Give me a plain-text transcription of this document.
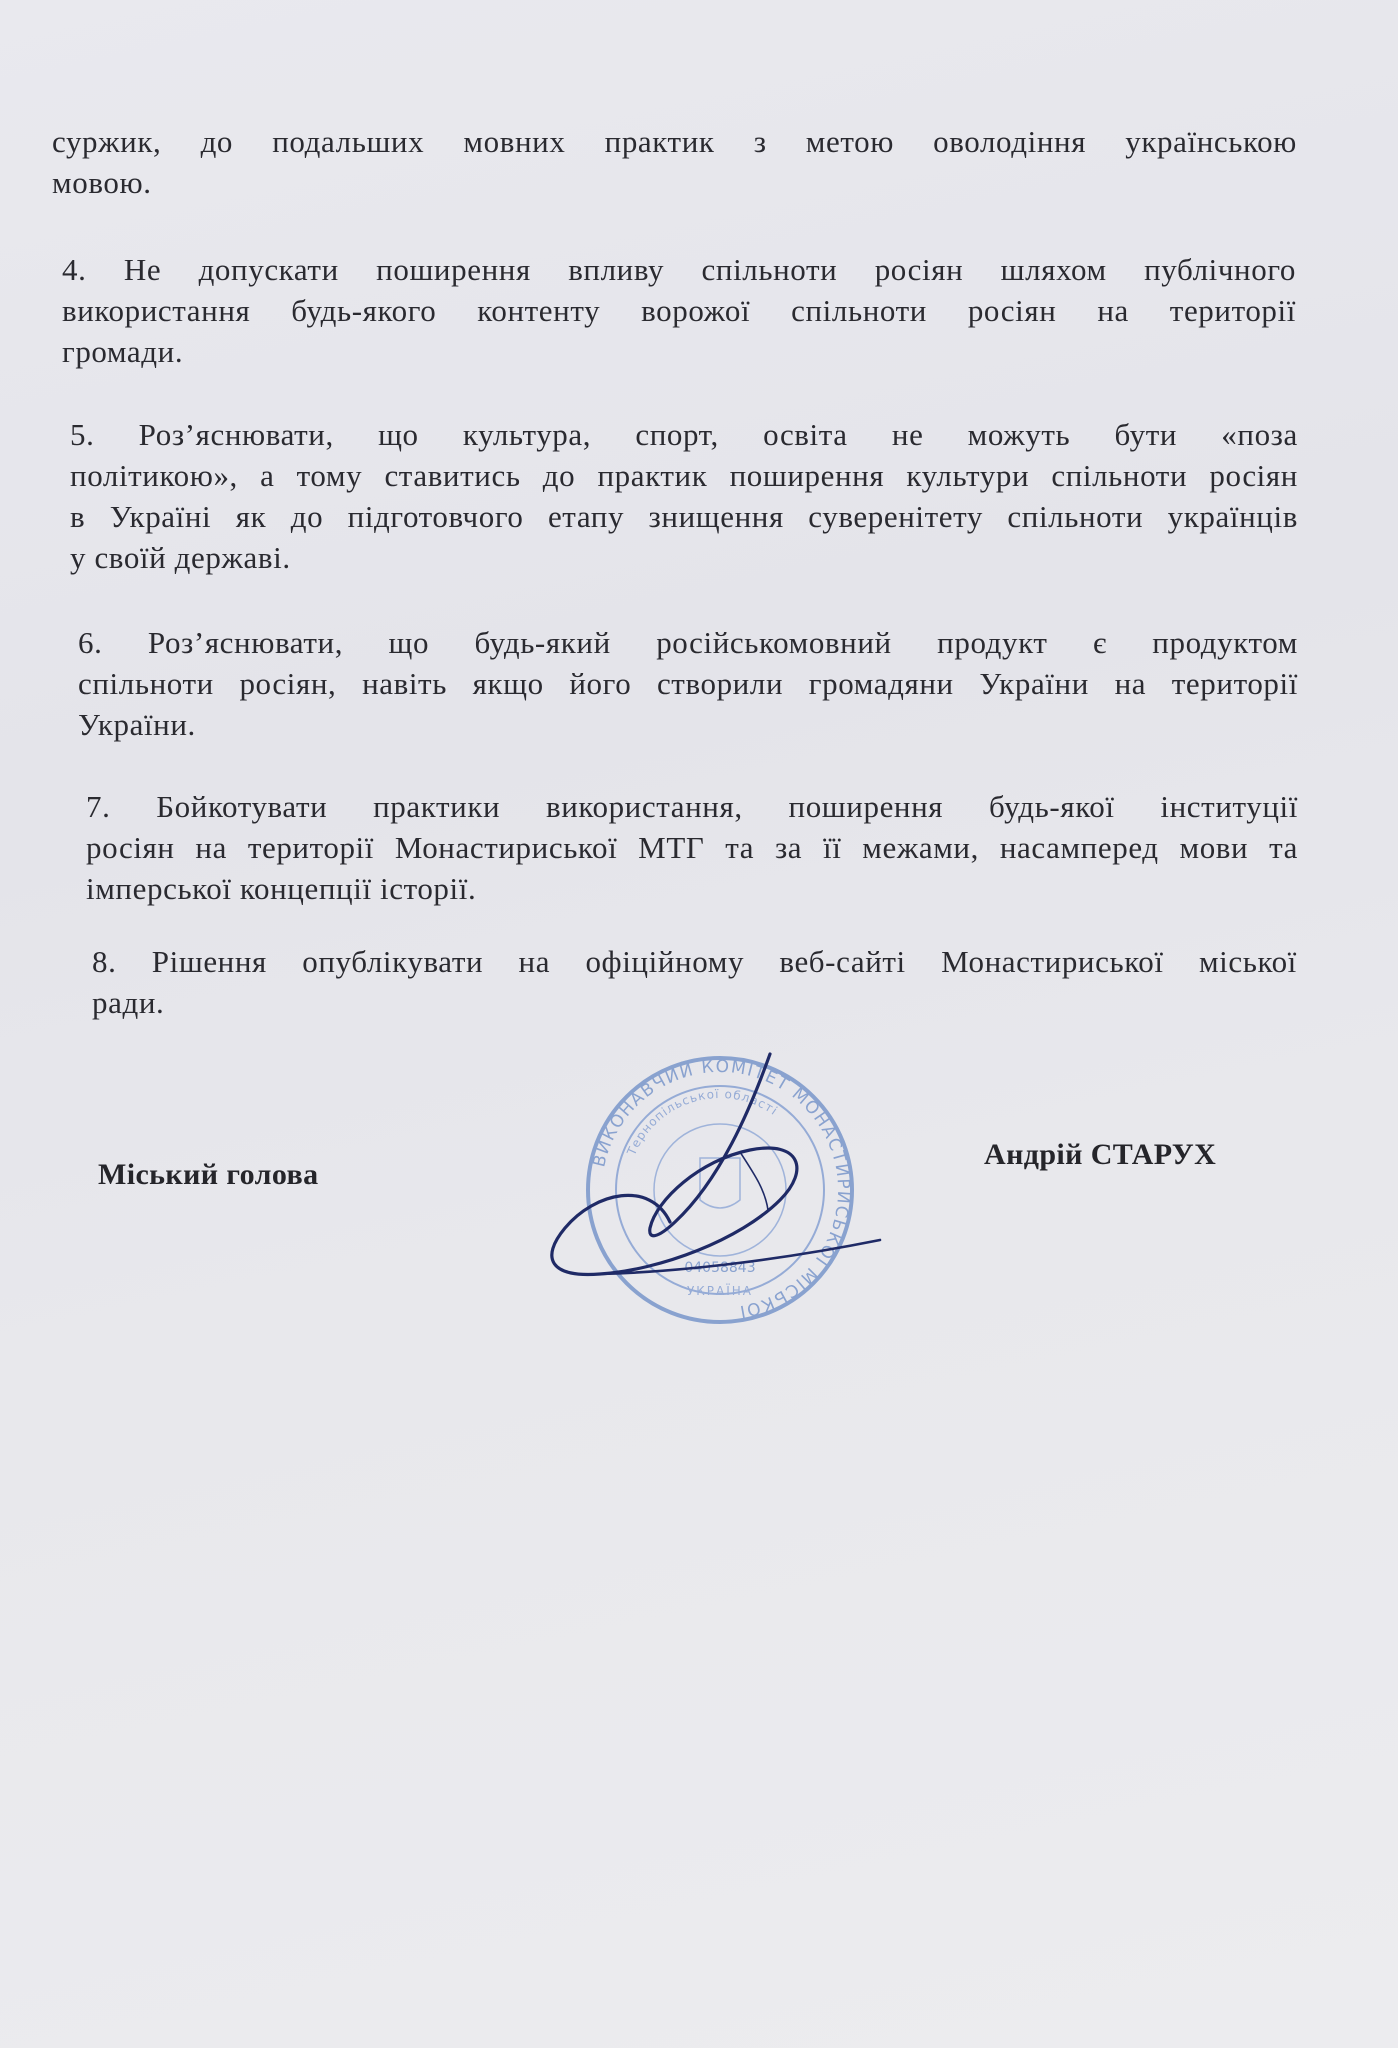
суржик, до подальших мовних практик з метою оволодіння українською
мовою.
4. Не допускати поширення впливу спільноти росіян шляхом публічного
використання будь-якого контенту ворожої спільноти росіян на території
громади.
5. Роз’яснювати, що культура, спорт, освіта не можуть бути «поза
політикою», а тому ставитись до практик поширення культури спільноти росіян
в Україні як до підготовчого етапу знищення суверенітету спільноти українців
у своїй державі.
6. Роз’яснювати, що будь-який російськомовний продукт є продуктом
спільноти росіян, навіть якщо його створили громадяни України на території
України.
7. Бойкотувати практики використання, поширення будь-якої інституції
росіян на території Монастириської МТГ та за її межами, насамперед мови та
імперської концепції історії.
8. Рішення опублікувати на офіційному веб-сайті Монастириської міської
ради.
Міський голова	ВИКОНАВЧИЙ КОМІТЕТ МОНАСТИРИСЬКОЇ МІСЬКОЇ
Тернопільської області
04058843
УКРАЇНА
Андрій СТАРУХ
